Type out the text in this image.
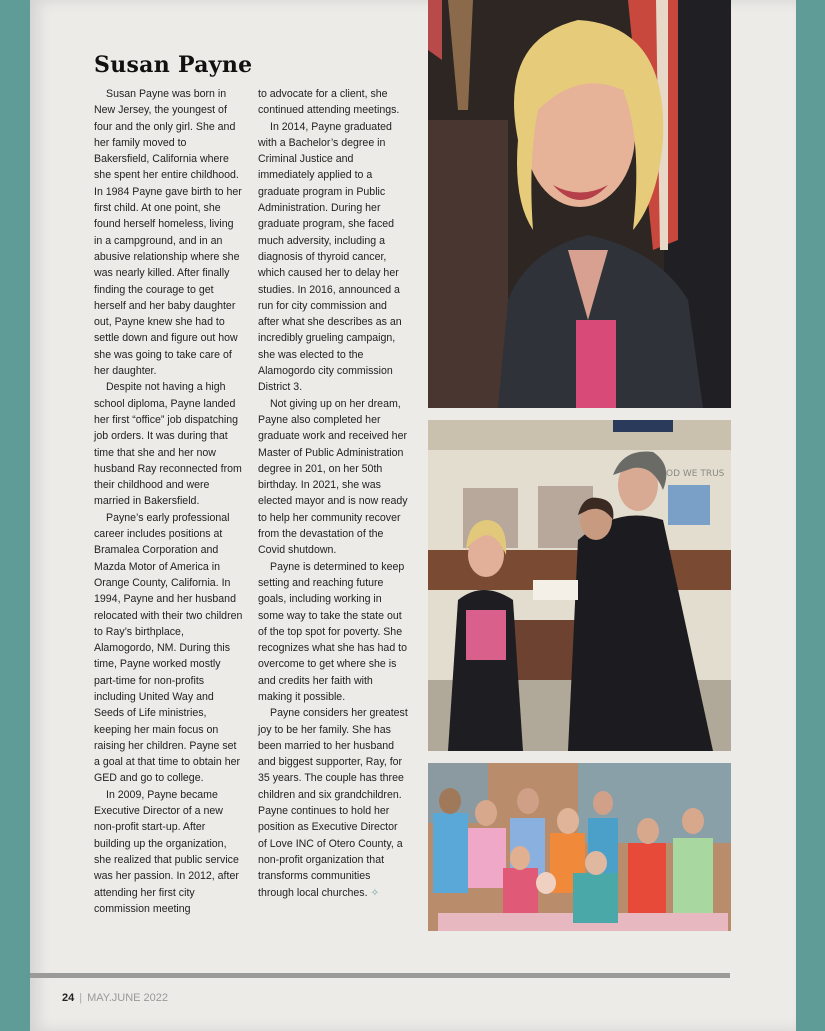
Susan Payne

Susan Payne was born in New Jersey, the youngest of four and the only girl. She and her family moved to Bakersfield, California where she spent her entire childhood. In 1984 Payne gave birth to her first child. At one point, she found herself homeless, living in a campground, and in an abusive relationship where she was nearly killed. After finally finding the courage to get herself and her baby daughter out, Payne knew she had to settle down and figure out how she was going to take care of her daughter.

Despite not having a high school diploma, Payne landed her first “office” job dispatching job orders. It was during that time that she and her now husband Ray reconnected from their childhood and were married in Bakersfield.

Payne’s early professional career includes positions at Bramalea Corporation and Mazda Motor of America in Orange County, California. In 1994, Payne and her husband relocated with their two children to Ray’s birthplace, Alamogordo, NM. During this time, Payne worked mostly part-time for non-profits including United Way and Seeds of Life ministries, keeping her main focus on raising her children. Payne set a goal at that time to obtain her GED and go to college.

In 2009, Payne became Executive Director of a new non-profit start-up. After building up the organization, she realized that public service was her passion. In 2012, after attending her first city commission meeting

to advocate for a client, she continued attending meetings.

In 2014, Payne graduated with a Bachelor’s degree in Criminal Justice and immediately applied to a graduate program in Public Administration. During her graduate program, she faced much adversity, including a diagnosis of thyroid cancer, which caused her to delay her studies. In 2016, announced a run for city commission and after what she describes as an incredibly grueling campaign, she was elected to the Alamogordo city commission District 3.

Not giving up on her dream, Payne also completed her graduate work and received her Master of Public Administration degree in 201, on her 50th birthday. In 2021, she was elected mayor and is now ready to help her community recover from the devastation of the Covid shutdown.

Payne is determined to keep setting and reaching future goals, including working in some way to take the state out of the top spot for poverty. She recognizes what she has had to overcome to get where she is and credits her faith with making it possible.

Payne considers her greatest joy to be her family. She has been married to her husband and biggest supporter, Ray, for 35 years. The couple has three children and six grandchildren. Payne continues to hold her position as Executive Director of Love INC of Otero County, a non-profit organization that transforms communities through local churches. ✧

OD WE TRUS
24 | MAY.JUNE 2022
